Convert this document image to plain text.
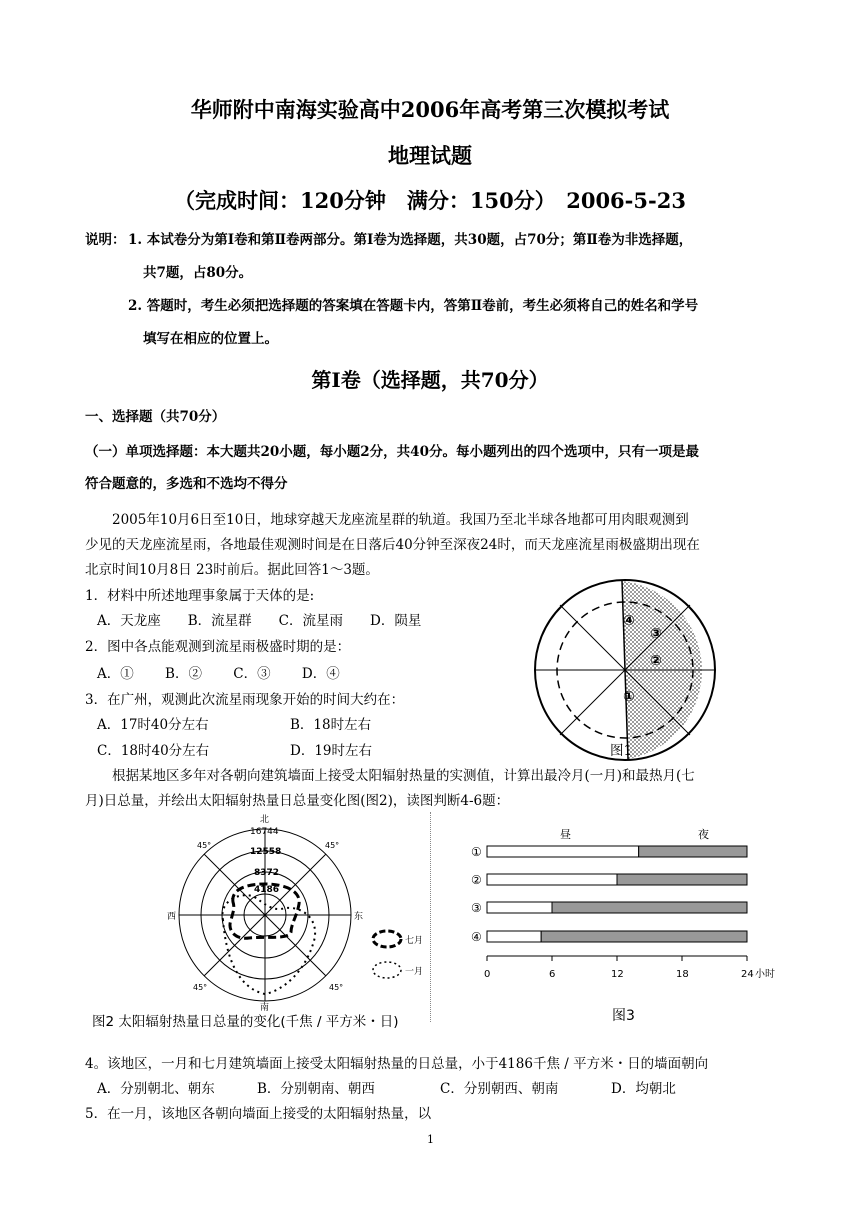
华师附中南海实验高中2006年高考第三次模拟考试
地理试题
（完成时间：120分钟　满分：150分）　2006-5-23
说明： 1. 本试卷分为第Ⅰ卷和第Ⅱ卷两部分。第Ⅰ卷为选择题，共30题，占70分；第Ⅱ卷为非选择题，
共7题，占80分。
2. 答题时，考生必须把选择题的答案填在答题卡内，答第Ⅱ卷前，考生必须将自己的姓名和学号
填写在相应的位置上。
第Ⅰ卷（选择题，共70分）
一、选择题（共70分）
（一）单项选择题：本大题共20小题，每小题2分，共40分。每小题列出的四个选项中，只有一项是最
符合题意的，多选和不选均不得分
2005年10月6日至10日，地球穿越天龙座流星群的轨道。我国乃至北半球各地都可用肉眼观测到
少见的天龙座流星雨，各地最佳观测时间是在日落后40分钟至深夜24时，而天龙座流星雨极盛期出现在
北京时间10月8日 23时前后。据此回答1～3题。
1．材料中所述地理事象属于天体的是:
A．天龙座　　B．流星群　　C．流星雨　　D．陨星
2．图中各点能观测到流星雨极盛时期的是：
A．①　　 B．②　　 C．③　　 D．④
3．在广州，观测此次流星雨现象开始的时间大约在：
A．17时40分左右	B．18时左右
C．18时40分左右	D．19时左右
④
③
②
①
图1
根据某地区多年对各朝向建筑墙面上接受太阳辐射热量的实测值，计算出最冷月(一月)和最热月(七
月)日总量，并绘出太阳辐射热量日总量变化图(图2)，读图判断4-6题：
北
16744
12558
8372
4186
西	东
南
45°	45°
45°	45°
七月
一月
图2 太阳辐射热量日总量的变化(千焦 / 平方米・日)
昼	夜
①
②
③
④
0	6	12	18	24 小时
图3
4。该地区，一月和七月建筑墙面上接受太阳辐射热量的日总量，小于4186千焦 / 平方米・日的墙面朝向
A．分别朝北、朝东	B．分别朝南、朝西	C．分别朝西、朝南	D．均朝北
5．在一月，该地区各朝向墙面上接受的太阳辐射热量，以
1
